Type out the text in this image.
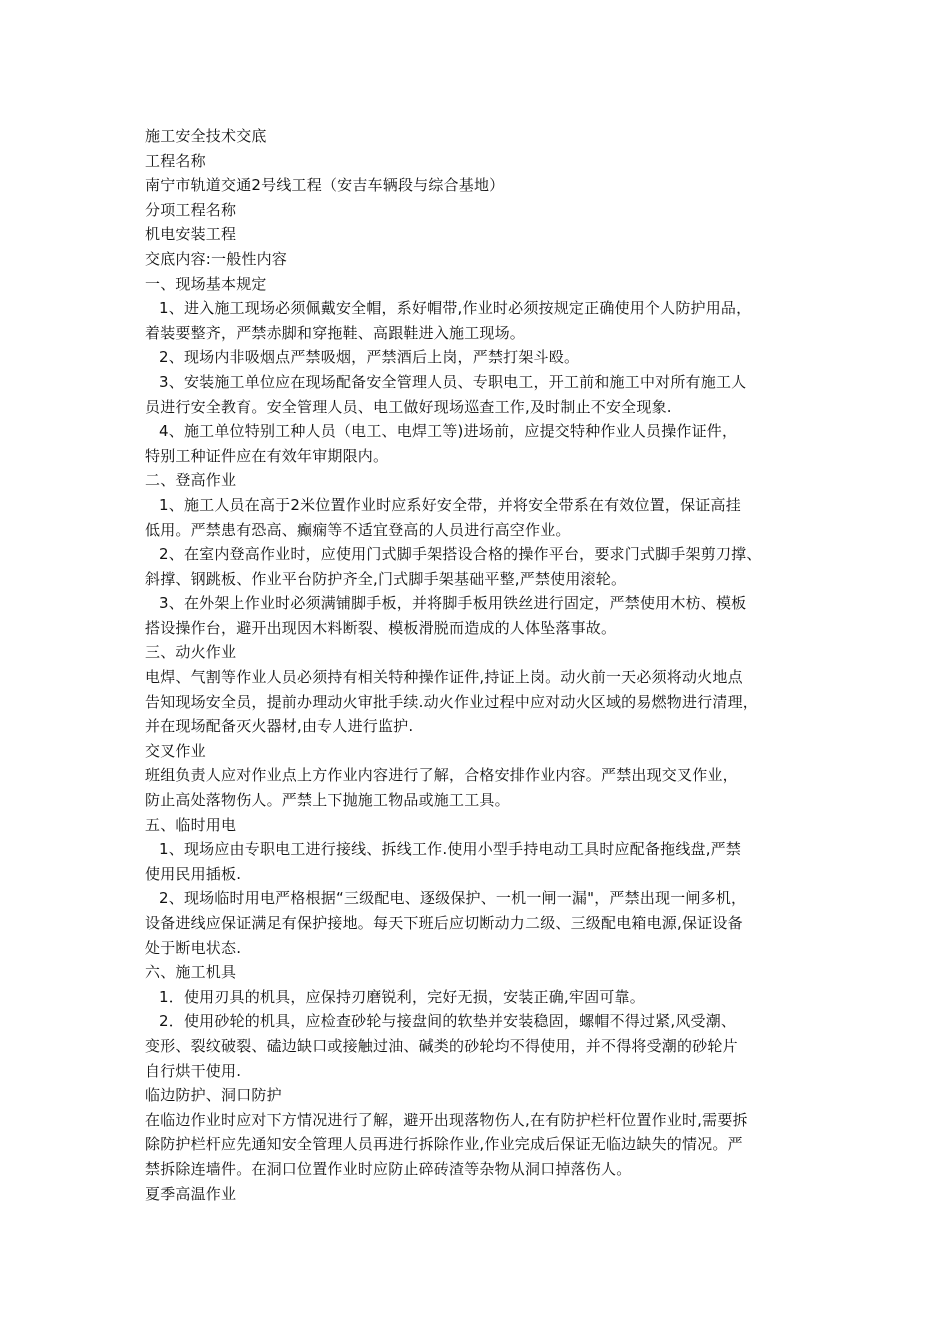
施工安全技术交底
工程名称
南宁市轨道交通2号线工程（安吉车辆段与综合基地）
分项工程名称
机电安装工程
交底内容:一般性内容
一、现场基本规定
1、进入施工现场必须佩戴安全帽，系好帽带,作业时必须按规定正确使用个人防护用品，
着装要整齐，严禁赤脚和穿拖鞋、高跟鞋进入施工现场。
2、现场内非吸烟点严禁吸烟，严禁酒后上岗，严禁打架斗殴。
3、安装施工单位应在现场配备安全管理人员、专职电工，开工前和施工中对所有施工人
员进行安全教育。安全管理人员、电工做好现场巡查工作,及时制止不安全现象.
4、施工单位特别工种人员（电工、电焊工等)进场前，应提交特种作业人员操作证件，
特别工种证件应在有效年审期限内。
二、登高作业
1、施工人员在高于2米位置作业时应系好安全带，并将安全带系在有效位置，保证高挂
低用。严禁患有恐高、癫痫等不适宜登高的人员进行高空作业。
2、在室内登高作业时，应使用门式脚手架搭设合格的操作平台，要求门式脚手架剪刀撑、
斜撑、钢跳板、作业平台防护齐全,门式脚手架基础平整,严禁使用滚轮。
3、在外架上作业时必须满铺脚手板，并将脚手板用铁丝进行固定，严禁使用木枋、模板
搭设操作台，避开出现因木料断裂、模板滑脱而造成的人体坠落事故。
三、动火作业
电焊、气割等作业人员必须持有相关特种操作证件,持证上岗。动火前一天必须将动火地点
告知现场安全员，提前办理动火审批手续.动火作业过程中应对动火区域的易燃物进行清理，
并在现场配备灭火器材,由专人进行监护.
交叉作业
班组负责人应对作业点上方作业内容进行了解，合格安排作业内容。严禁出现交叉作业，
防止高处落物伤人。严禁上下抛施工物品或施工工具。
五、临时用电
1、现场应由专职电工进行接线、拆线工作.使用小型手持电动工具时应配备拖线盘,严禁
使用民用插板.
2、现场临时用电严格根据“三级配电、逐级保护、一机一闸一漏"，严禁出现一闸多机，
设备进线应保证满足有保护接地。每天下班后应切断动力二级、三级配电箱电源,保证设备
处于断电状态.
六、施工机具
1．使用刃具的机具，应保持刃磨锐利，完好无损，安装正确,牢固可靠。
2．使用砂轮的机具，应检查砂轮与接盘间的软垫并安装稳固，螺帽不得过紧,风受潮、
变形、裂纹破裂、磕边缺口或接触过油、碱类的砂轮均不得使用，并不得将受潮的砂轮片
自行烘干使用.
临边防护、洞口防护
在临边作业时应对下方情况进行了解，避开出现落物伤人,在有防护栏杆位置作业时,需要拆
除防护栏杆应先通知安全管理人员再进行拆除作业,作业完成后保证无临边缺失的情况。严
禁拆除连墙件。在洞口位置作业时应防止碎砖渣等杂物从洞口掉落伤人。
夏季高温作业
